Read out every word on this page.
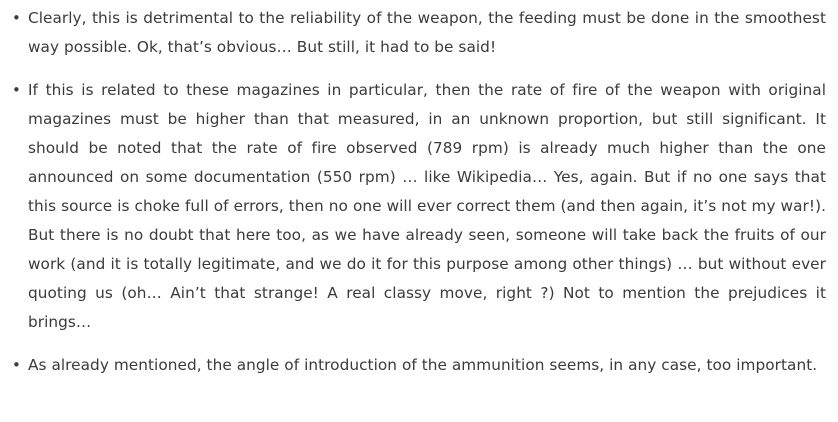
• Clearly, this is detrimental to the reliability of the weapon, the feeding must be done in the smoothest way possible. Ok, that’s obvious… But still, it had to be said!
• If this is related to these magazines in particular, then the rate of fire of the weapon with original magazines must be higher than that measured, in an unknown proportion, but still significant. It should be noted that the rate of fire observed (789 rpm) is already much higher than the one announced on some documentation (550 rpm) … like Wikipedia… Yes, again. But if no one says that this source is choke full of errors, then no one will ever correct them (and then again, it’s not my war!). But there is no doubt that here too, as we have already seen, someone will take back the fruits of our work (and it is totally legitimate, and we do it for this purpose among other things) … but without ever quoting us (oh… Ain’t that strange! A real classy move, right ?) Not to mention the prejudices it brings…
• As already mentioned, the angle of introduction of the ammunition seems, in any case, too important.
